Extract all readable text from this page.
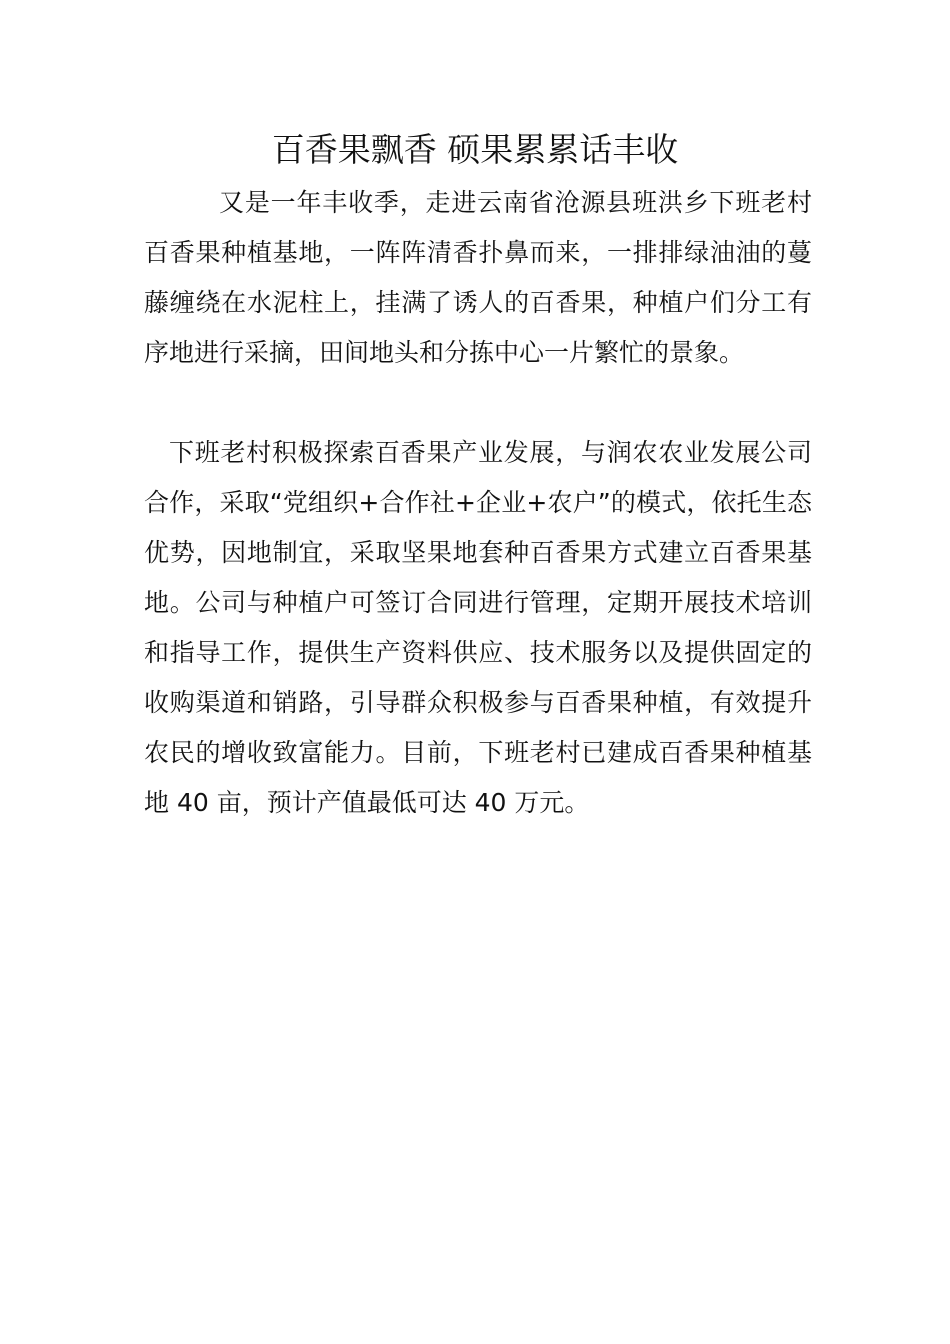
百香果飘香 硕果累累话丰收

又是一年丰收季，走进云南省沧源县班洪乡下班老村百香果种植基地，一阵阵清香扑鼻而来，一排排绿油油的蔓藤缠绕在水泥柱上，挂满了诱人的百香果，种植户们分工有序地进行采摘，田间地头和分拣中心一片繁忙的景象。

下班老村积极探索百香果产业发展，与润农农业发展公司合作，采取“党组织+合作社+企业+农户”的模式，依托生态优势，因地制宜，采取坚果地套种百香果方式建立百香果基地。公司与种植户可签订合同进行管理，定期开展技术培训和指导工作，提供生产资料供应、技术服务以及提供固定的收购渠道和销路，引导群众积极参与百香果种植，有效提升农民的增收致富能力。目前，下班老村已建成百香果种植基地 40 亩，预计产值最低可达 40 万元。
